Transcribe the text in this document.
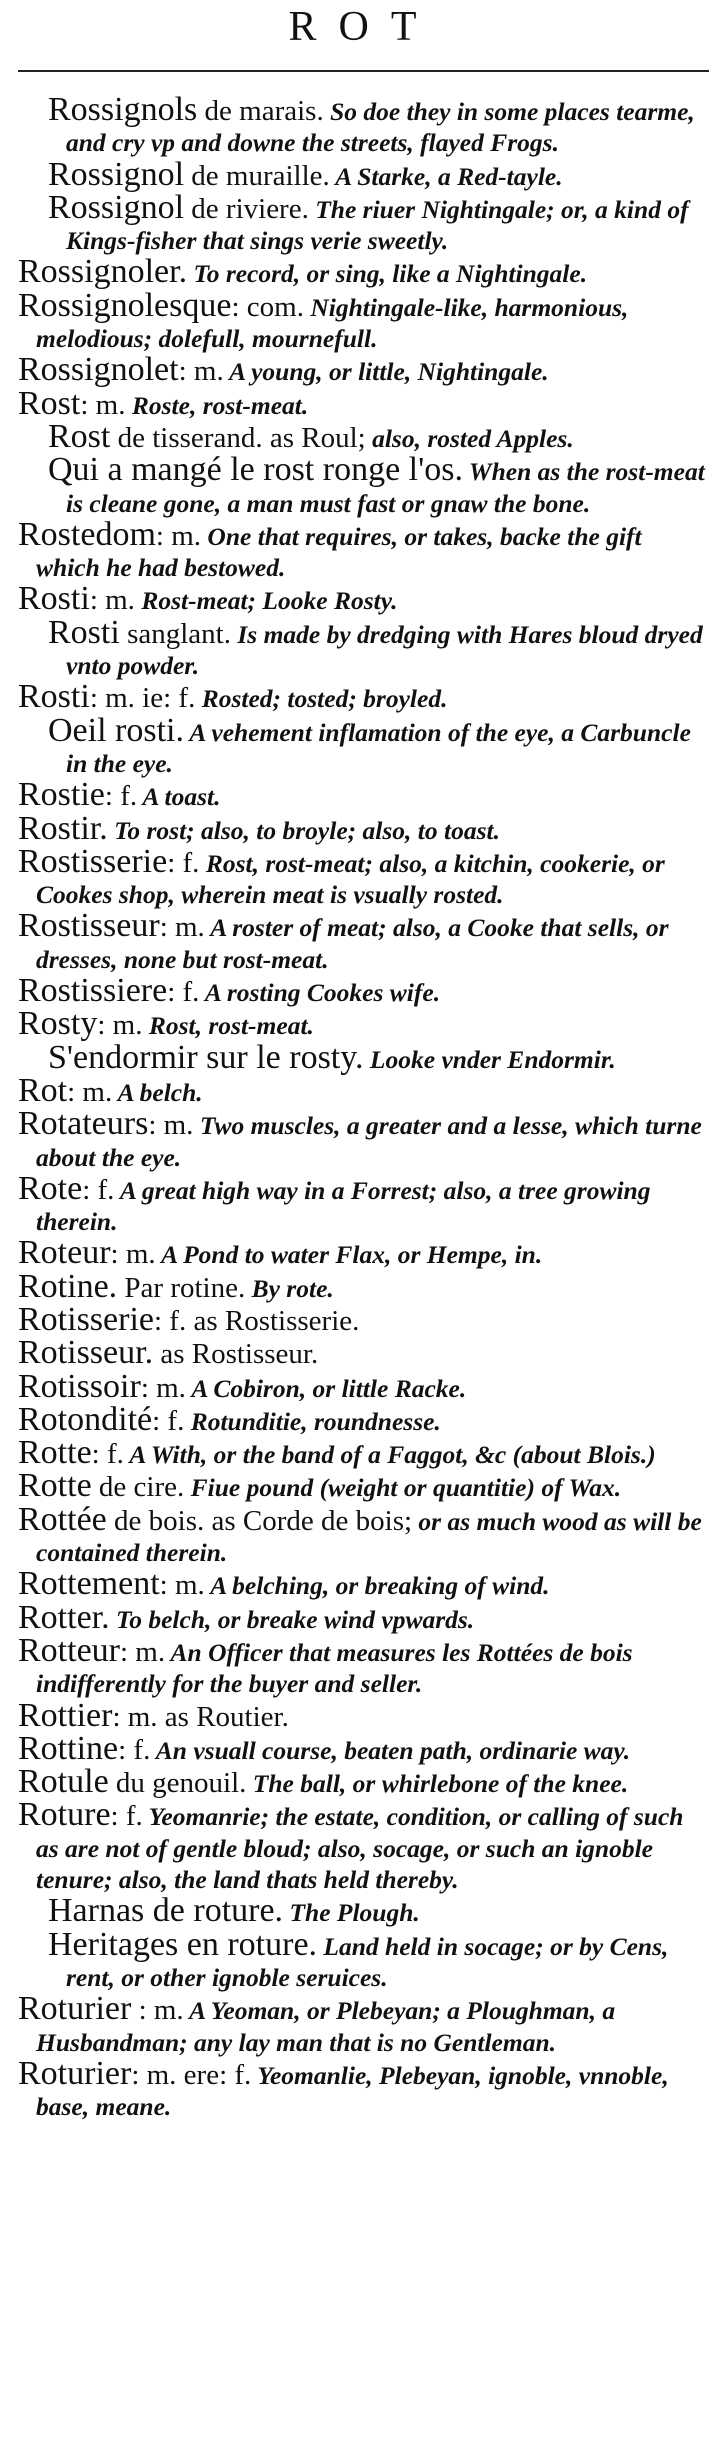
ROT
Rossignols de marais. So doe they in some places tearme, and cry vp and downe the streets, flayed Frogs.
Rossignol de muraille. A Starke, a Red-tayle.
Rossignol de riviere. The riuer Nightingale; or, a kind of Kings-fisher that sings verie sweetly.
Rossignoler. To record, or sing, like a Nightingale.
Rossignolesque: com. Nightingale-like, harmonious, melodious; dolefull, mournefull.
Rossignolet: m. A young, or little, Nightingale.
Rost: m. Roste, rost-meat.
Rost de tisserand. as Roul; also, rosted Apples.
Qui a mangé le rost ronge l'os. When as the rost-meat is cleane gone, a man must fast or gnaw the bone.
Rostedom: m. One that requires, or takes, backe the gift which he had bestowed.
Rosti: m. Rost-meat; Looke Rosty.
Rosti sanglant. Is made by dredging with Hares bloud dryed vnto powder.
Rosti: m. ie: f. Rosted; tosted; broyled.
Oeil rosti. A vehement inflamation of the eye, a Carbuncle in the eye.
Rostie: f. A toast.
Rostir. To rost; also, to broyle; also, to toast.
Rostisserie: f. Rost, rost-meat; also, a kitchin, cookerie, or Cookes shop, wherein meat is vsually rosted.
Rostisseur: m. A roster of meat; also, a Cooke that sells, or dresses, none but rost-meat.
Rostissiere: f. A rosting Cookes wife.
Rosty: m. Rost, rost-meat.
S'endormir sur le rosty. Looke vnder Endormir.
Rot: m. A belch.
Rotateurs: m. Two muscles, a greater and a lesse, which turne about the eye.
Rote: f. A great high way in a Forrest; also, a tree growing therein.
Roteur: m. A Pond to water Flax, or Hempe, in.
Rotine. Par rotine. By rote.
Rotisserie: f. as Rostisserie.
Rotisseur. as Rostisseur.
Rotissoir: m. A Cobiron, or little Racke.
Rotondité: f. Rotunditie, roundnesse.
Rotte: f. A With, or the band of a Faggot, &c (about Blois.)
Rotte de cire. Fiue pound (weight or quantitie) of Wax.
Rottée de bois. as Corde de bois; or as much wood as will be contained therein.
Rottement: m. A belching, or breaking of wind.
Rotter. To belch, or breake wind vpwards.
Rotteur: m. An Officer that measures les Rottées de bois indifferently for the buyer and seller.
Rottier: m. as Routier.
Rottine: f. An vsuall course, beaten path, ordinarie way.
Rotule du genouil. The ball, or whirlebone of the knee.
Roture: f. Yeomanrie; the estate, condition, or calling of such as are not of gentle bloud; also, socage, or such an ignoble tenure; also, the land thats held thereby.
Harnas de roture. The Plough.
Heritages en roture. Land held in socage; or by Cens, rent, or other ignoble seruices.
Roturier : m. A Yeoman, or Plebeyan; a Ploughman, a Husbandman; any lay man that is no Gentleman.
Roturier: m. ere: f. Yeomanlie, Plebeyan, ignoble, vnnoble, base, meane.
